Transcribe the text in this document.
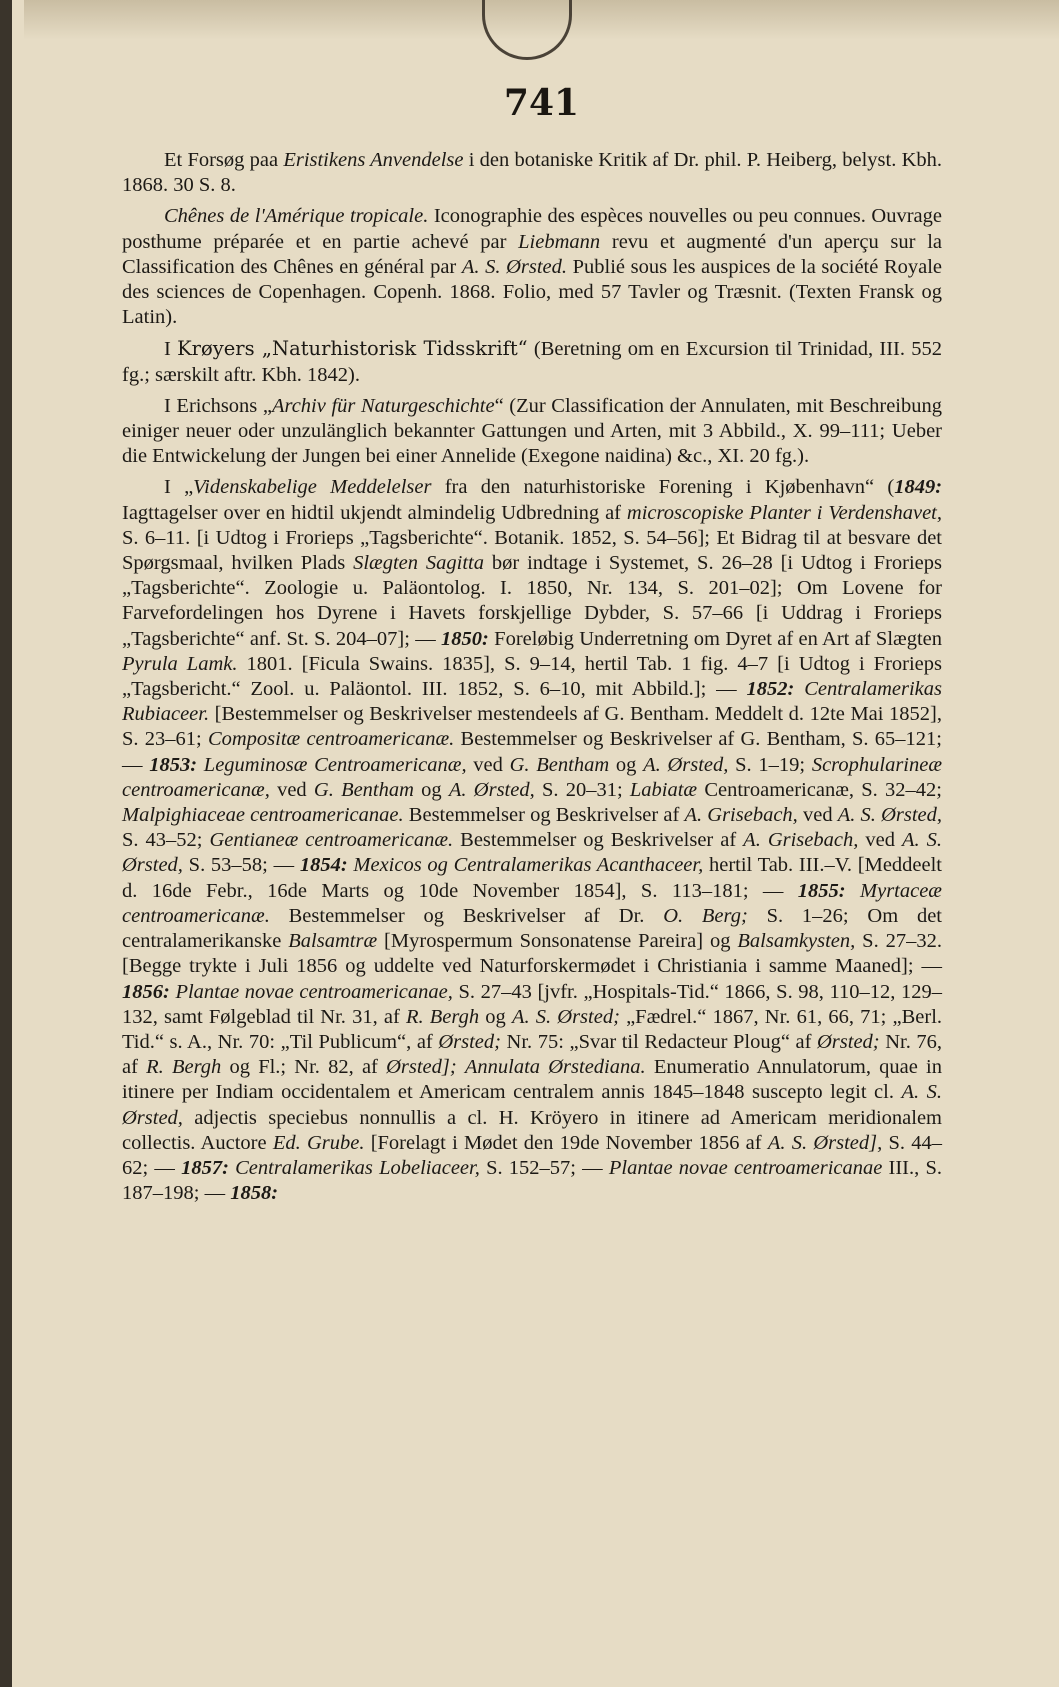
741

Et Forsøg paa Eristikens Anvendelse i den botaniske Kritik af Dr. phil. P. Heiberg, belyst. Kbh. 1868. 30 S. 8.

Chênes de l'Amérique tropicale. Iconographie des espèces nouvelles ou peu connues. Ouvrage posthume préparée et en partie achevé par Liebmann revu et augmenté d'un aperçu sur la Classification des Chênes en général par A. S. Ørsted. Publié sous les auspices de la société Royale des sciences de Copenhagen. Copenh. 1868. Folio, med 57 Tavler og Træsnit. (Texten Fransk og Latin).

I Krøyers „Naturhistorisk Tidsskrift“ (Beretning om en Excursion til Trinidad, III. 552 fg.; særskilt aftr. Kbh. 1842).

I Erichsons „Archiv für Naturgeschichte“ (Zur Classification der Annulaten, mit Beschreibung einiger neuer oder unzulänglich bekannter Gattungen und Arten, mit 3 Abbild., X. 99–111; Ueber die Entwickelung der Jungen bei einer Annelide (Exegone naidina) &c., XI. 20 fg.).

I „Videnskabelige Meddelelser fra den naturhistoriske Forening i Kjøbenhavn“ (1849: Iagttagelser over en hidtil ukjendt almindelig Udbredning af microscopiske Planter i Verdenshavet, S. 6–11. [i Udtog i Frorieps „Tagsberichte“. Botanik. 1852, S. 54–56]; Et Bidrag til at besvare det Spørgsmaal, hvilken Plads Slægten Sagitta bør indtage i Systemet, S. 26–28 [i Udtog i Frorieps „Tagsberichte“. Zoologie u. Paläontolog. I. 1850, Nr. 134, S. 201–02]; Om Lovene for Farvefordelingen hos Dyrene i Havets forskjellige Dybder, S. 57–66 [i Uddrag i Frorieps „Tagsberichte“ anf. St. S. 204–07]; — 1850: Foreløbig Underretning om Dyret af en Art af Slægten Pyrula Lamk. 1801. [Ficula Swains. 1835], S. 9–14, hertil Tab. 1 fig. 4–7 [i Udtog i Frorieps „Tagsbericht.“ Zool. u. Paläontol. III. 1852, S. 6–10, mit Abbild.]; — 1852: Centralamerikas Rubiaceer. [Bestemmelser og Beskrivelser mestendeels af G. Bentham. Meddelt d. 12te Mai 1852], S. 23–61; Compositæ centroamericanæ. Bestemmelser og Beskrivelser af G. Bentham, S. 65–121; — 1853: Leguminosæ Centroamericanæ, ved G. Bentham og A. Ørsted, S. 1–19; Scrophularineæ centroamericanæ, ved G. Bentham og A. Ørsted, S. 20–31; Labiatæ Centroamericanæ, S. 32–42; Malpighiaceae centroamericanae. Bestemmelser og Beskrivelser af A. Grisebach, ved A. S. Ørsted, S. 43–52; Gentianeæ centroamericanæ. Bestemmelser og Beskrivelser af A. Grisebach, ved A. S. Ørsted, S. 53–58; — 1854: Mexicos og Centralamerikas Acanthaceer, hertil Tab. III.–V. [Meddeelt d. 16de Febr., 16de Marts og 10de November 1854], S. 113–181; — 1855: Myrtaceæ centroamericanæ. Bestemmelser og Beskrivelser af Dr. O. Berg; S. 1–26; Om det centralamerikanske Balsamtræ [Myrospermum Sonsonatense Pareira] og Balsamkysten, S. 27–32. [Begge trykte i Juli 1856 og uddelte ved Naturforskermødet i Christiania i samme Maaned]; — 1856: Plantae novae centroamericanae, S. 27–43 [jvfr. „Hospitals-Tid.“ 1866, S. 98, 110–12, 129–132, samt Følgeblad til Nr. 31, af R. Bergh og A. S. Ørsted; „Fædrel.“ 1867, Nr. 61, 66, 71; „Berl. Tid.“ s. A., Nr. 70: „Til Publicum“, af Ørsted; Nr. 75: „Svar til Redacteur Ploug“ af Ørsted; Nr. 76, af R. Bergh og Fl.; Nr. 82, af Ørsted]; Annulata Ørstediana. Enumeratio Annulatorum, quae in itinere per Indiam occidentalem et Americam centralem annis 1845–1848 suscepto legit cl. A. S. Ørsted, adjectis speciebus nonnullis a cl. H. Kröyero in itinere ad Americam meridionalem collectis. Auctore Ed. Grube. [Forelagt i Mødet den 19de November 1856 af A. S. Ørsted], S. 44–62; — 1857: Centralamerikas Lobeliaceer, S. 152–57; — Plantae novae centroamericanae III., S. 187–198; — 1858:
